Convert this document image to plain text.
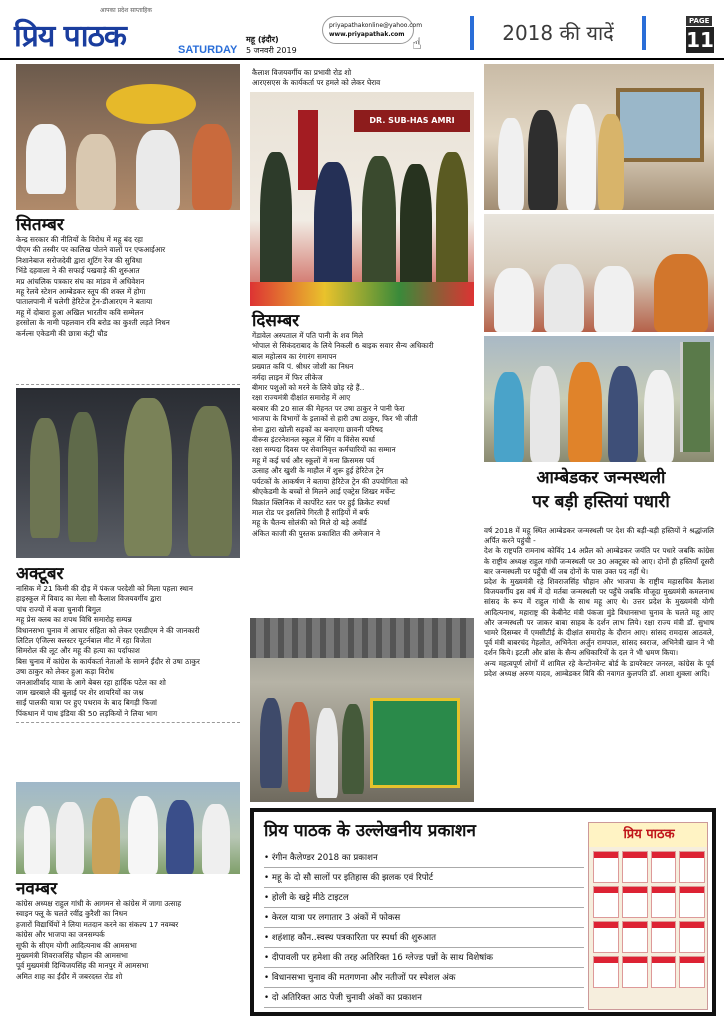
प्रिय पाठक
आपका प्रदेश साप्ताहिक
SATURDAY
महू (इंदौर)
5 जनवरी 2019
priyapathakonline@yahoo.com
www.priyapathak.com ☝	2018 की यादें	PAGE
11
सितम्बर
केन्द्र सरकार की नीतियों के विरोध में महू बंद रहा
पीएम की तस्वीर पर कालिख पोतने वालों पर एफआईआर
निशानेबाज सरोजदेवी द्वारा शूटिंग रेंज की सुविधा
भिंडे दहवाला ने की सफाई पखवाड़े की शुरुआत
मप्र आंचलिक पत्रकार संघ का मांडव में अधिवेशन
महू रेलवे स्टेशन आम्बेडकर स्तूप की शक्ल में होगा
पातालपानी में चलेगी हेरिटेज ट्रेन-डीआरएम ने बताया
महू में दोबारा हुआ अखिल भारतीय कवि सम्मेलन
हरसोला के नामी पहलवान रवि बरोड का कुश्ती लड़ते निधन
कर्नल्स एकेडमी की छात्रा कंट्री चौड
अक्टूबर
नासिक में 21 किमी की दौड़ में पंकज परदेशी को मिला पहला स्थान
हाइस्कूल में विवाद का मेला सौ कैलाश विजयवर्गीय द्वारा
पांच राज्यों में बजा चुनावी बिगुल
महू प्रेस क्लब का शपथ विधि समारोह सम्पन्न
विधानसभा चुनाव में आचार संहिता को लेकर एसडीएम ने की जानकारी
लिटिल एंजिल्स क्लस्टर यूटर्नबाल मीट में रहा विजेता
सिमरोल की लूट और महू की हत्या का पर्दाफाश
बिस चुनाव में कांग्रेस के कार्यकर्ता नेताओं के सामने ईंदौर से उषा ठाकुर
उषा ठाकुर को लेकर हुआ कड़ा विरोध
जनआशीर्वाद यात्रा के आगे बेबस रहा हार्दिक पटेल का शो
जाम खरबाले की बूलाई पर शेर शायरियों का जश्न
साईं पालकी यात्रा पर हुए पथराव के बाद बिगड़ी फिजां
पिंकथान में पाथ इंडिया की 50 लड़कियों ने लिया भाग
नवम्बर
कांग्रेस अध्यक्ष राहुल गांधी के आगमन से कांग्रेस में जागा उत्साह
स्वाइन फ्लू के चलते रवींद्र कुरैशी का निधन
हजारों विद्यार्थियों ने लिया मतदान करने का संकल्प 17 नवम्बर
कांग्रेस और भाजपा का जनसम्पर्क
सूफी के सीएम योगी आदित्यनाथ की आमसभा
मुख्यमंत्री शिवराजसिंह चौहान की आमसभा
पूर्व मुख्यमंत्री दिग्विजयसिंह की मानपुर में आमसभा
अमित शाह का ईंदौर में जबरदस्त रोड शो
कैलाश विजयवर्गीय का प्रभावी रोड शो
आरएसएस के कार्यकर्ता पर हमले को लेकर घेराव
DR. SUB-HAS AMRI
दिसम्बर
गेंडावेल अस्पताल में पति पानी के शव मिले
भोपाल से सिकंदराबाद के लिये निकली 6 बाइक सवार सैन्य अधिकारी
बाल महोत्सव का रंगारंग समापन
प्रख्यात कवि पं. श्रीधर जोशी का निधन
नर्मदा लाइन में फिर लीकेज
बीमार पशुओं को मरने के लिये छोड़ रहे हैं..
रक्षा राज्यमंत्री दीक्षांत समारोह में आए
बरबार की 20 साल की मेहनत पर उषा ठाकुर ने पानी फेरा
भाजपा के विभागों के इलाकों से हारी उषा ठाकुर, फिर भी जीती
सेना द्वारा खोली सड़कों का बनाएगा छावनी परिषद
वीरूस इंटरनेशनल स्कूल में सिंग व विंसेस स्पर्धा
रक्षा सम्पदा दिवस पर सेवानिवृत्त कर्मचारियों का सम्मान
महू में कई चर्च और स्कूलों में मना क्रिसमस पर्व
उत्साह और खुशी के माहौल में शुरू हुई हेरिटेज ट्रेन
पर्यटकों के आकर्षण ने बताया हेरिटेज ट्रेन की उपयोगिता को
श्रीएकेडमी के बच्चों से मिलने आई एक्ट्रेस शिखर मर्चेन्ट
विक्रांत क्लिनिक में कार्पोरेट स्तर पर हुई क्रिकेट स्पर्धा
माल रोड पर इसलिये गिरती हैं सांड़ियों में बर्फ
महू के चैतन्य सोलंकी को मिले दो बड़े अवॉर्ड
अंकित काजी की पुस्तक प्रकाशित की अमेजान ने
आम्बेडकर जन्मस्थली
पर बड़ी हस्तियां पधारी

वर्ष 2018 में महू स्थित आम्बेडकर जन्मस्थली पर देश की बड़ी-बड़ी हस्तियों ने श्रद्धांजलि अर्पित करने पहुंची -

देश के राष्ट्रपति रामनाथ कोविंद 14 अप्रैल को आम्बेडकर जयंति पर पधारे जबकि कांग्रेस के राष्ट्रीय अध्यक्ष राहुल गांधी जन्मस्थली पर 30 अक्टूबर को आए। दोनों ही हस्तियाँ दूसरी बार जन्मस्थली पर पहुँची थीं जब दोनों के पास उक्त पद नहीं थे।

प्रदेश के मुख्यमंत्री रहे शिवराजसिंह चौहान और भाजपा के राष्ट्रीय महासचिव कैलाश विजयवर्गीय इस वर्ष में दो मर्तबा जन्मस्थली पर पहुँचे जबकि मौजूदा मुख्यमंत्री कमलनाथ सांसद के रूप में राहुल गांधी के साथ महू आए थे। उत्तर प्रदेश के मुख्यमंत्री योगी आदित्यनाथ, महाराष्ट्र की केबीनेट मंत्री पंकजा मुंडे विधानसभा चुनाव के चलते महू आए और जन्मस्थली पर जाकर बाबा साहब के दर्शन लाभ लिये। रक्षा राज्य मंत्री डॉ. सुभाष भामरे दिसम्बर में एमसीटीई के दीक्षांत समारोह के दौरान आए। सांसद रामदास आठवले, पूर्व मंत्री बाबरचंद गेहलोत, अभिनेता अर्जुन रामपाल, सांसद स्वराज, अभिनेत्री खान ने भी दर्शन किये। इटली और ब्रांस के सैन्य अधिकारियों के दल ने भी भ्रमण किया।

अन्य महत्वपूर्ण लोगों में शामिल रहे केन्टोनमेन्ट बोर्ड के डायरेक्टर जनरल, कांग्रेस के पूर्व प्रदेश अध्यक्ष अरुण यादव, आम्बेडकर विवि की नवागत कुलपति डॉ. आशा शुक्ला आदि।

प्रिय पाठक के उल्लेखनीय प्रकाशन
• रंगीन कैलेण्डर 2018 का प्रकाशन
• महू के दो सौ सालों पर इतिहास की झलक एवं रिपोर्ट
• होली के खट्टे मीठे टाइटल
• केरल यात्रा पर लगातार 3 अंकों में फोकस
• शहंशाह कौन..स्वस्थ पत्रकारिता पर स्पर्धा की शुरुआत
• दीपावली पर हमेशा की तरह अतिरिक्त 16 ग्लेज्ड पन्नों के साथ विशेषांक
• विधानसभा चुनाव की मतगणना और नतीजों पर स्पेशल अंक
• दो अतिरिक्त आठ पेजी चुनावी अंकों का प्रकाशन
प्रिय पाठक
